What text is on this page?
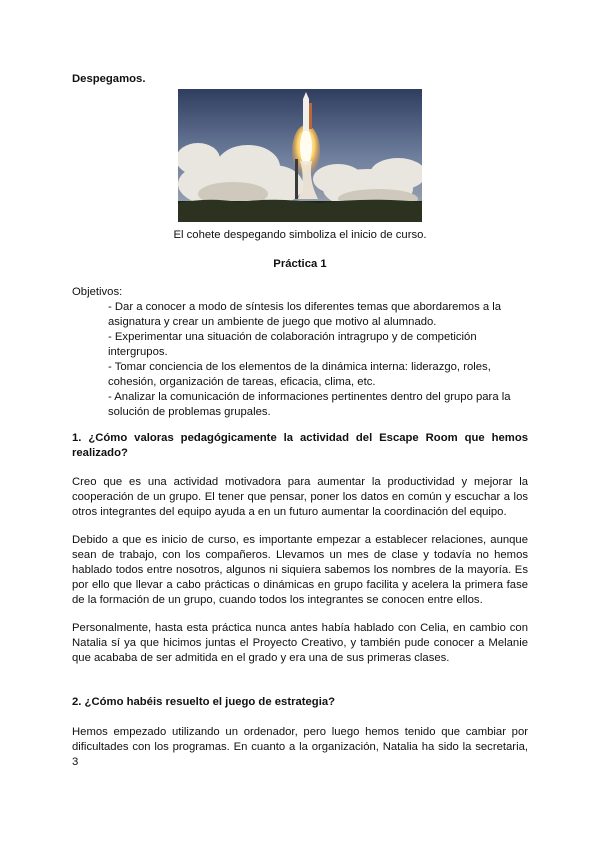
Despegamos.
El cohete despegando simboliza el inicio de curso.
Práctica 1
Objetivos:
- Dar a conocer a modo de síntesis los diferentes temas que abordaremos a la asignatura y crear un ambiente de juego que motivo al alumnado.
- Experimentar una situación de colaboración intragrupo y de competición intergrupos.
- Tomar conciencia de los elementos de la dinámica interna: liderazgo, roles, cohesión, organización de tareas, eficacia, clima, etc.
- Analizar la comunicación de informaciones pertinentes dentro del grupo para la solución de problemas grupales.
1. ¿Cómo valoras pedagógicamente la actividad del Escape Room que hemos realizado?
Creo que es una actividad motivadora para aumentar la productividad y mejorar la cooperación de un grupo. El tener que pensar, poner los datos en común y escuchar a los otros integrantes del equipo ayuda a en un futuro aumentar la coordinación del equipo.
Debido a que es inicio de curso, es importante empezar a establecer relaciones, aunque sean de trabajo, con los compañeros. Llevamos un mes de clase y todavía no hemos hablado todos entre nosotros, algunos ni siquiera sabemos los nombres de la mayoría. Es por ello que llevar a cabo prácticas o dinámicas en grupo facilita y acelera la primera fase de la formación de un grupo, cuando todos los integrantes se conocen entre ellos.
Personalmente, hasta esta práctica nunca antes había hablado con Celia, en cambio con Natalia sí ya que hicimos juntas el Proyecto Creativo, y también pude conocer a Melanie que acababa de ser admitida en el grado y era una de sus primeras clases.
2. ¿Cómo habéis resuelto el juego de estrategia?
Hemos empezado utilizando un ordenador, pero luego hemos tenido que cambiar por dificultades con los programas. En cuanto a la organización, Natalia ha sido la secretaria, 3
